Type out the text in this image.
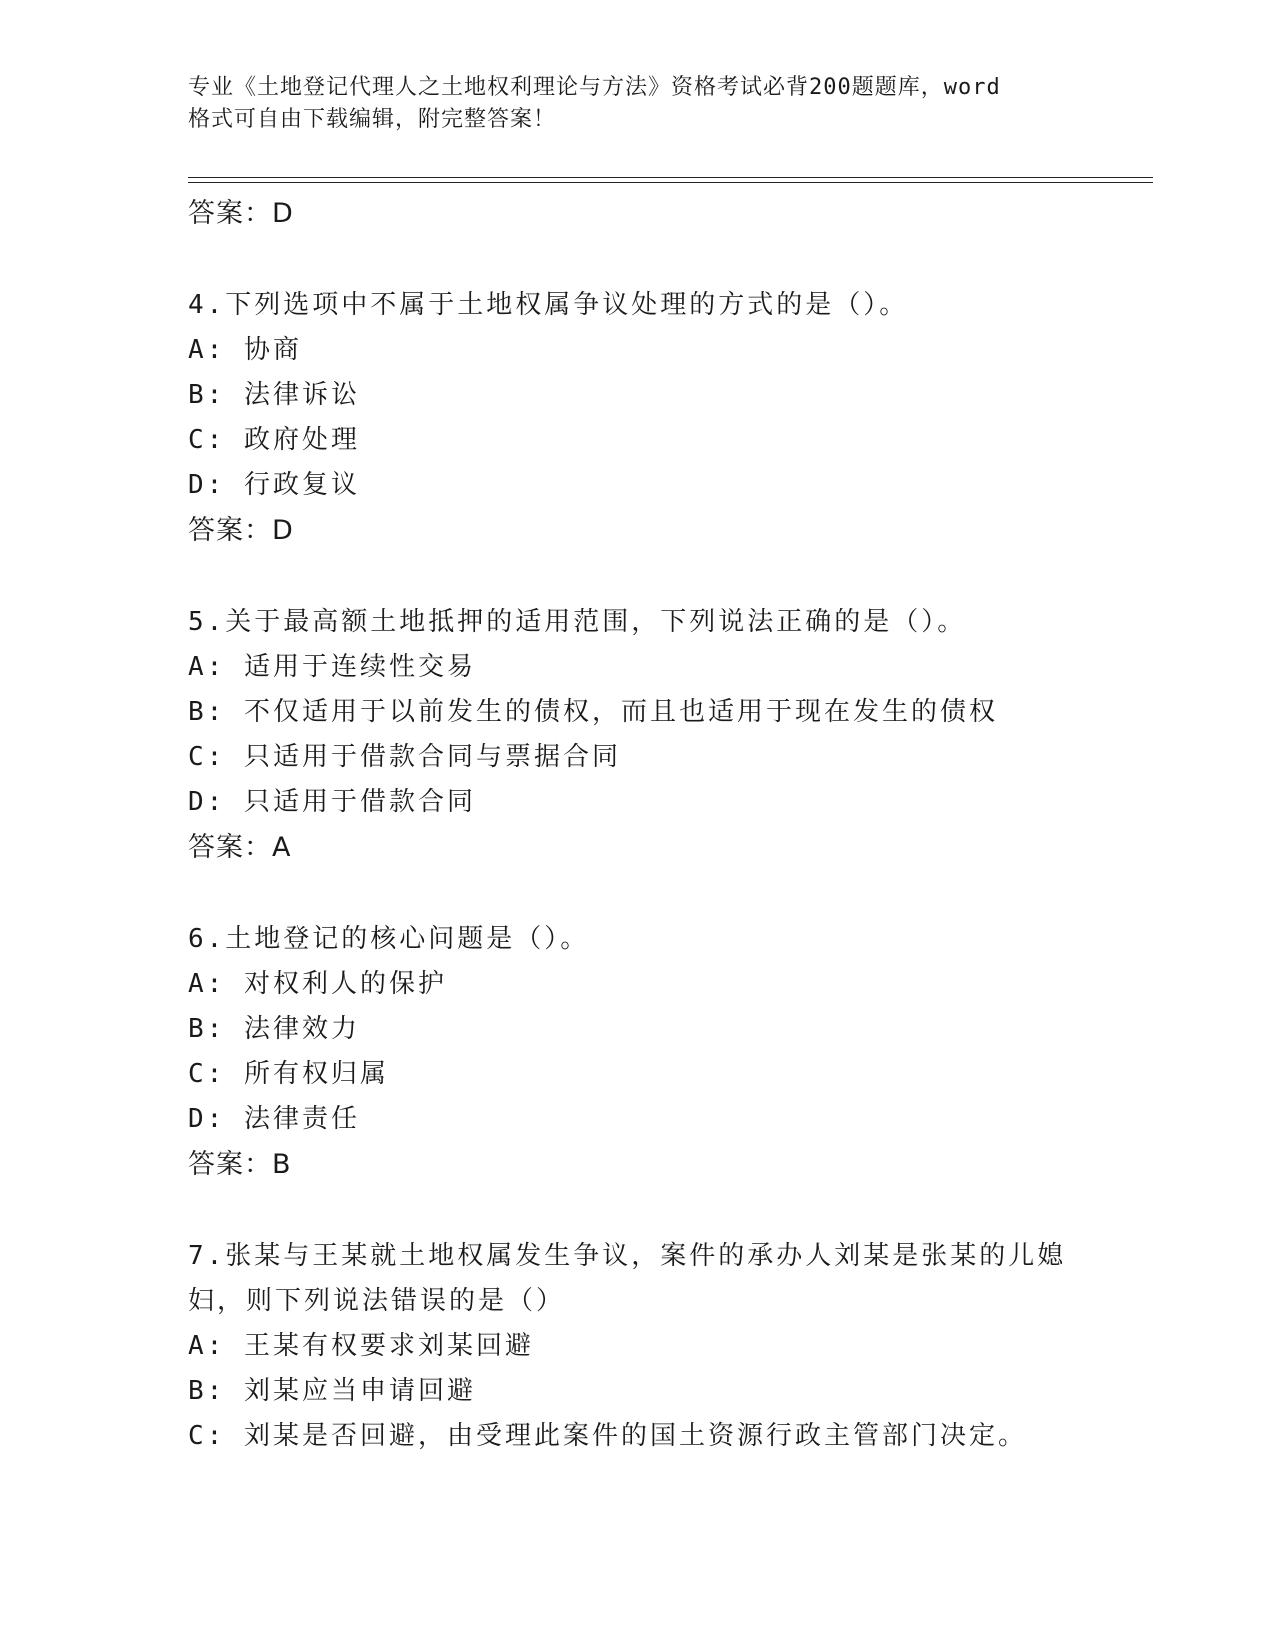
专业《土地登记代理人之土地权利理论与方法》资格考试必背200题题库，word
格式可自由下载编辑，附完整答案！
答案：D
4.下列选项中不属于土地权属争议处理的方式的是（）。
A: 协商
B: 法律诉讼
C: 政府处理
D: 行政复议
答案：D
5.关于最高额土地抵押的适用范围，下列说法正确的是（）。
A: 适用于连续性交易
B: 不仅适用于以前发生的债权，而且也适用于现在发生的债权
C: 只适用于借款合同与票据合同
D: 只适用于借款合同
答案：A
6.土地登记的核心问题是（）。
A: 对权利人的保护
B: 法律效力
C: 所有权归属
D: 法律责任
答案：B
7.张某与王某就土地权属发生争议，案件的承办人刘某是张某的儿媳
妇，则下列说法错误的是（）
A: 王某有权要求刘某回避
B: 刘某应当申请回避
C: 刘某是否回避，由受理此案件的国土资源行政主管部门决定。
